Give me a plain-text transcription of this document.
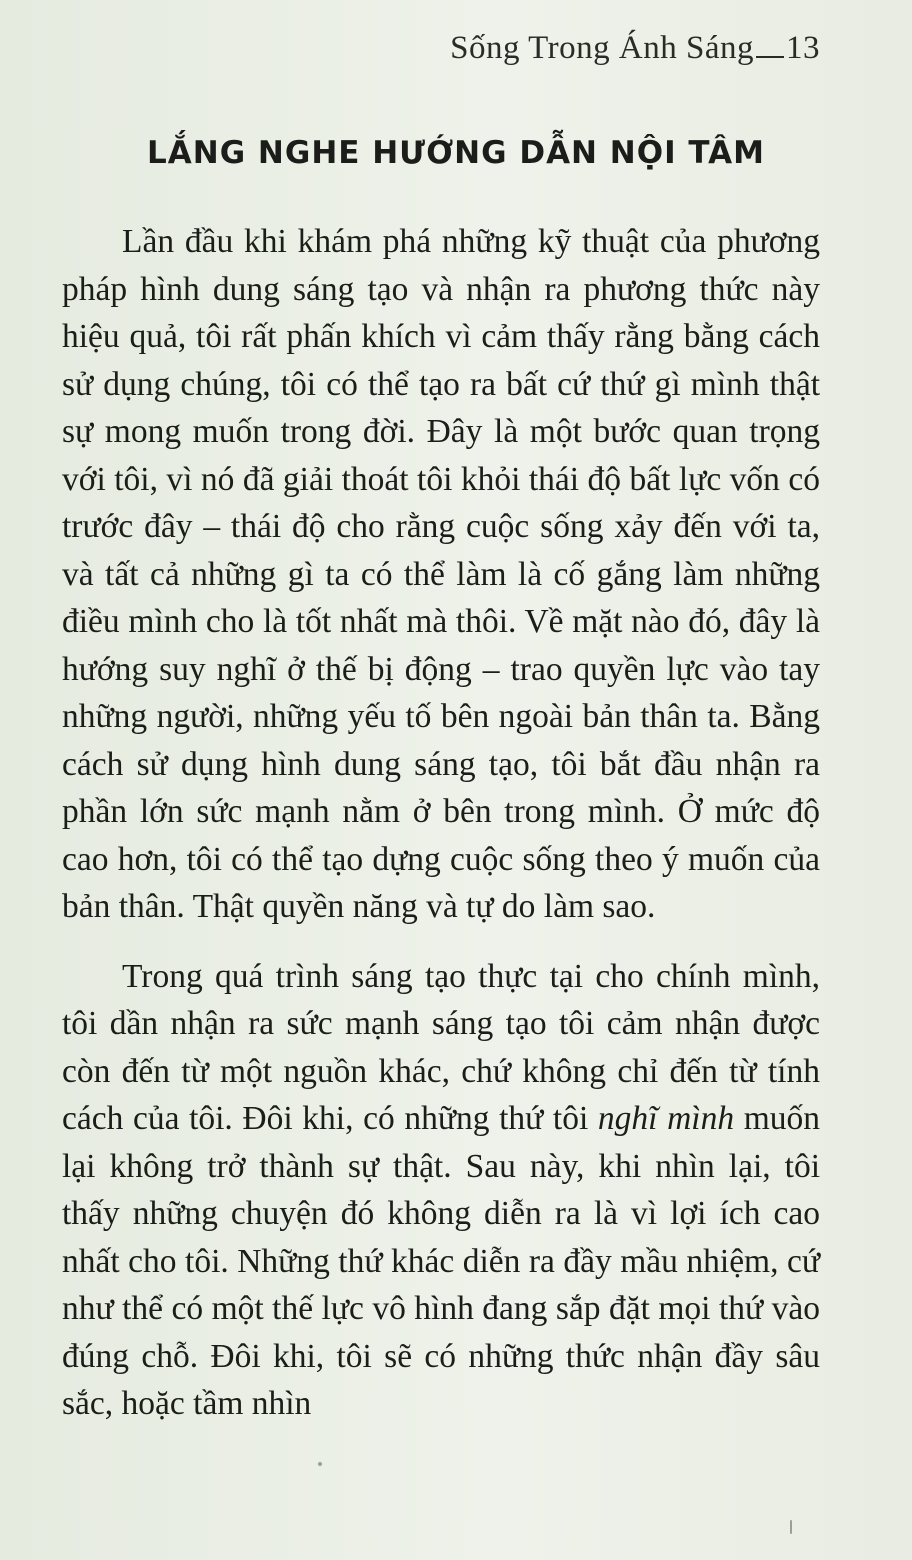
Sống Trong Ánh Sáng 13
LẮNG NGHE HƯỚNG DẪN NỘI TÂM

Lần đầu khi khám phá những kỹ thuật của phương pháp hình dung sáng tạo và nhận ra phương thức này hiệu quả, tôi rất phấn khích vì cảm thấy rằng bằng cách sử dụng chúng, tôi có thể tạo ra bất cứ thứ gì mình thật sự mong muốn trong đời. Đây là một bước quan trọng với tôi, vì nó đã giải thoát tôi khỏi thái độ bất lực vốn có trước đây – thái độ cho rằng cuộc sống xảy đến với ta, và tất cả những gì ta có thể làm là cố gắng làm những điều mình cho là tốt nhất mà thôi. Về mặt nào đó, đây là hướng suy nghĩ ở thế bị động – trao quyền lực vào tay những người, những yếu tố bên ngoài bản thân ta. Bằng cách sử dụng hình dung sáng tạo, tôi bắt đầu nhận ra phần lớn sức mạnh nằm ở bên trong mình. Ở mức độ cao hơn, tôi có thể tạo dựng cuộc sống theo ý muốn của bản thân. Thật quyền năng và tự do làm sao.

Trong quá trình sáng tạo thực tại cho chính mình, tôi dần nhận ra sức mạnh sáng tạo tôi cảm nhận được còn đến từ một nguồn khác, chứ không chỉ đến từ tính cách của tôi. Đôi khi, có những thứ tôi nghĩ mình muốn lại không trở thành sự thật. Sau này, khi nhìn lại, tôi thấy những chuyện đó không diễn ra là vì lợi ích cao nhất cho tôi. Những thứ khác diễn ra đầy mầu nhiệm, cứ như thể có một thế lực vô hình đang sắp đặt mọi thứ vào đúng chỗ. Đôi khi, tôi sẽ có những thức nhận đầy sâu sắc, hoặc tầm nhìn
